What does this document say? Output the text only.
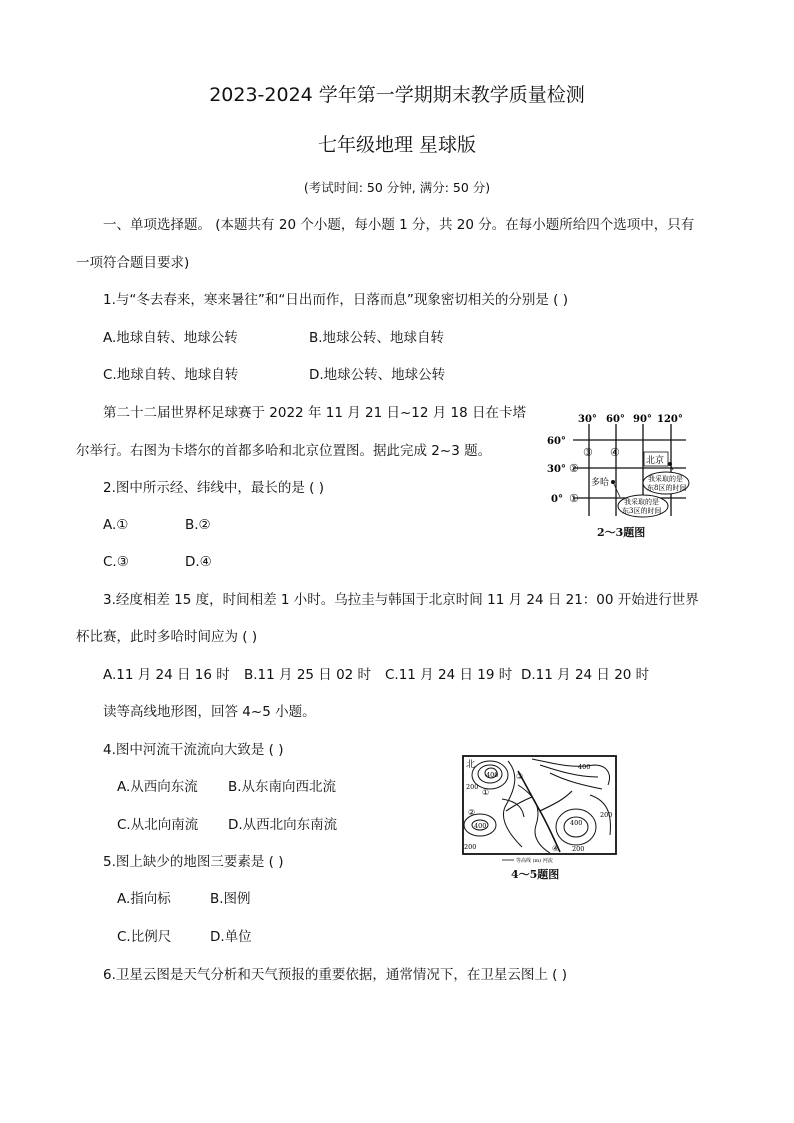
2023-2024 学年第一学期期末教学质量检测
七年级地理 星球版
(考试时间: 50 分钟, 满分: 50 分)
一、单项选择题。 (本题共有 20 个小题，每小题 1 分，共 20 分。在每小题所给四个选项中，只有
一项符合题目要求)
1.与“冬去春来，寒来暑往”和“日出而作，日落而息”现象密切相关的分别是 ( )
A.地球自转、地球公转	B.地球公转、地球自转
C.地球自转、地球自转	D.地球公转、地球公转
第二十二届世界杯足球赛于 2022 年 11 月 21 日~12 月 18 日在卡塔
尔举行。右图为卡塔尔的首都多哈和北京位置图。据此完成 2~3 题。
2.图中所示经、纬线中，最长的是 ( )
A.①	B.②
C.③	D.④
30° 60° 90° 120°
60°
30°
0°
③ ④
②
①
北京
多哈	我采取的是
东8区的时间
我采取的是
东3区的时间
2～3题图
3.经度相差 15 度，时间相差 1 小时。乌拉圭与韩国于北京时间 11 月 24 日 21：00 开始进行世界
杯比赛，此时多哈时间应为 ( )
A.11 月 24 日 16 时 B.11 月 25 日 02 时 C.11 月 24 日 19 时 D.11 月 24 日 20 时
读等高线地形图，回答 4~5 小题。
4.图中河流干流流向大致是 ( )
A.从西向东流 B.从东南向西北流
C.从北向南流 D.从西北向东南流
5.图上缺少的地图三要素是 ( )
A.指向标	B.图例
C.比例尺	D.单位
北
400
200
400
400
200
400
200
200
①
②
③
④
等高线 (m) 河流
4～5题图
6.卫星云图是天气分析和天气预报的重要依据，通常情况下，在卫星云图上 ( )
